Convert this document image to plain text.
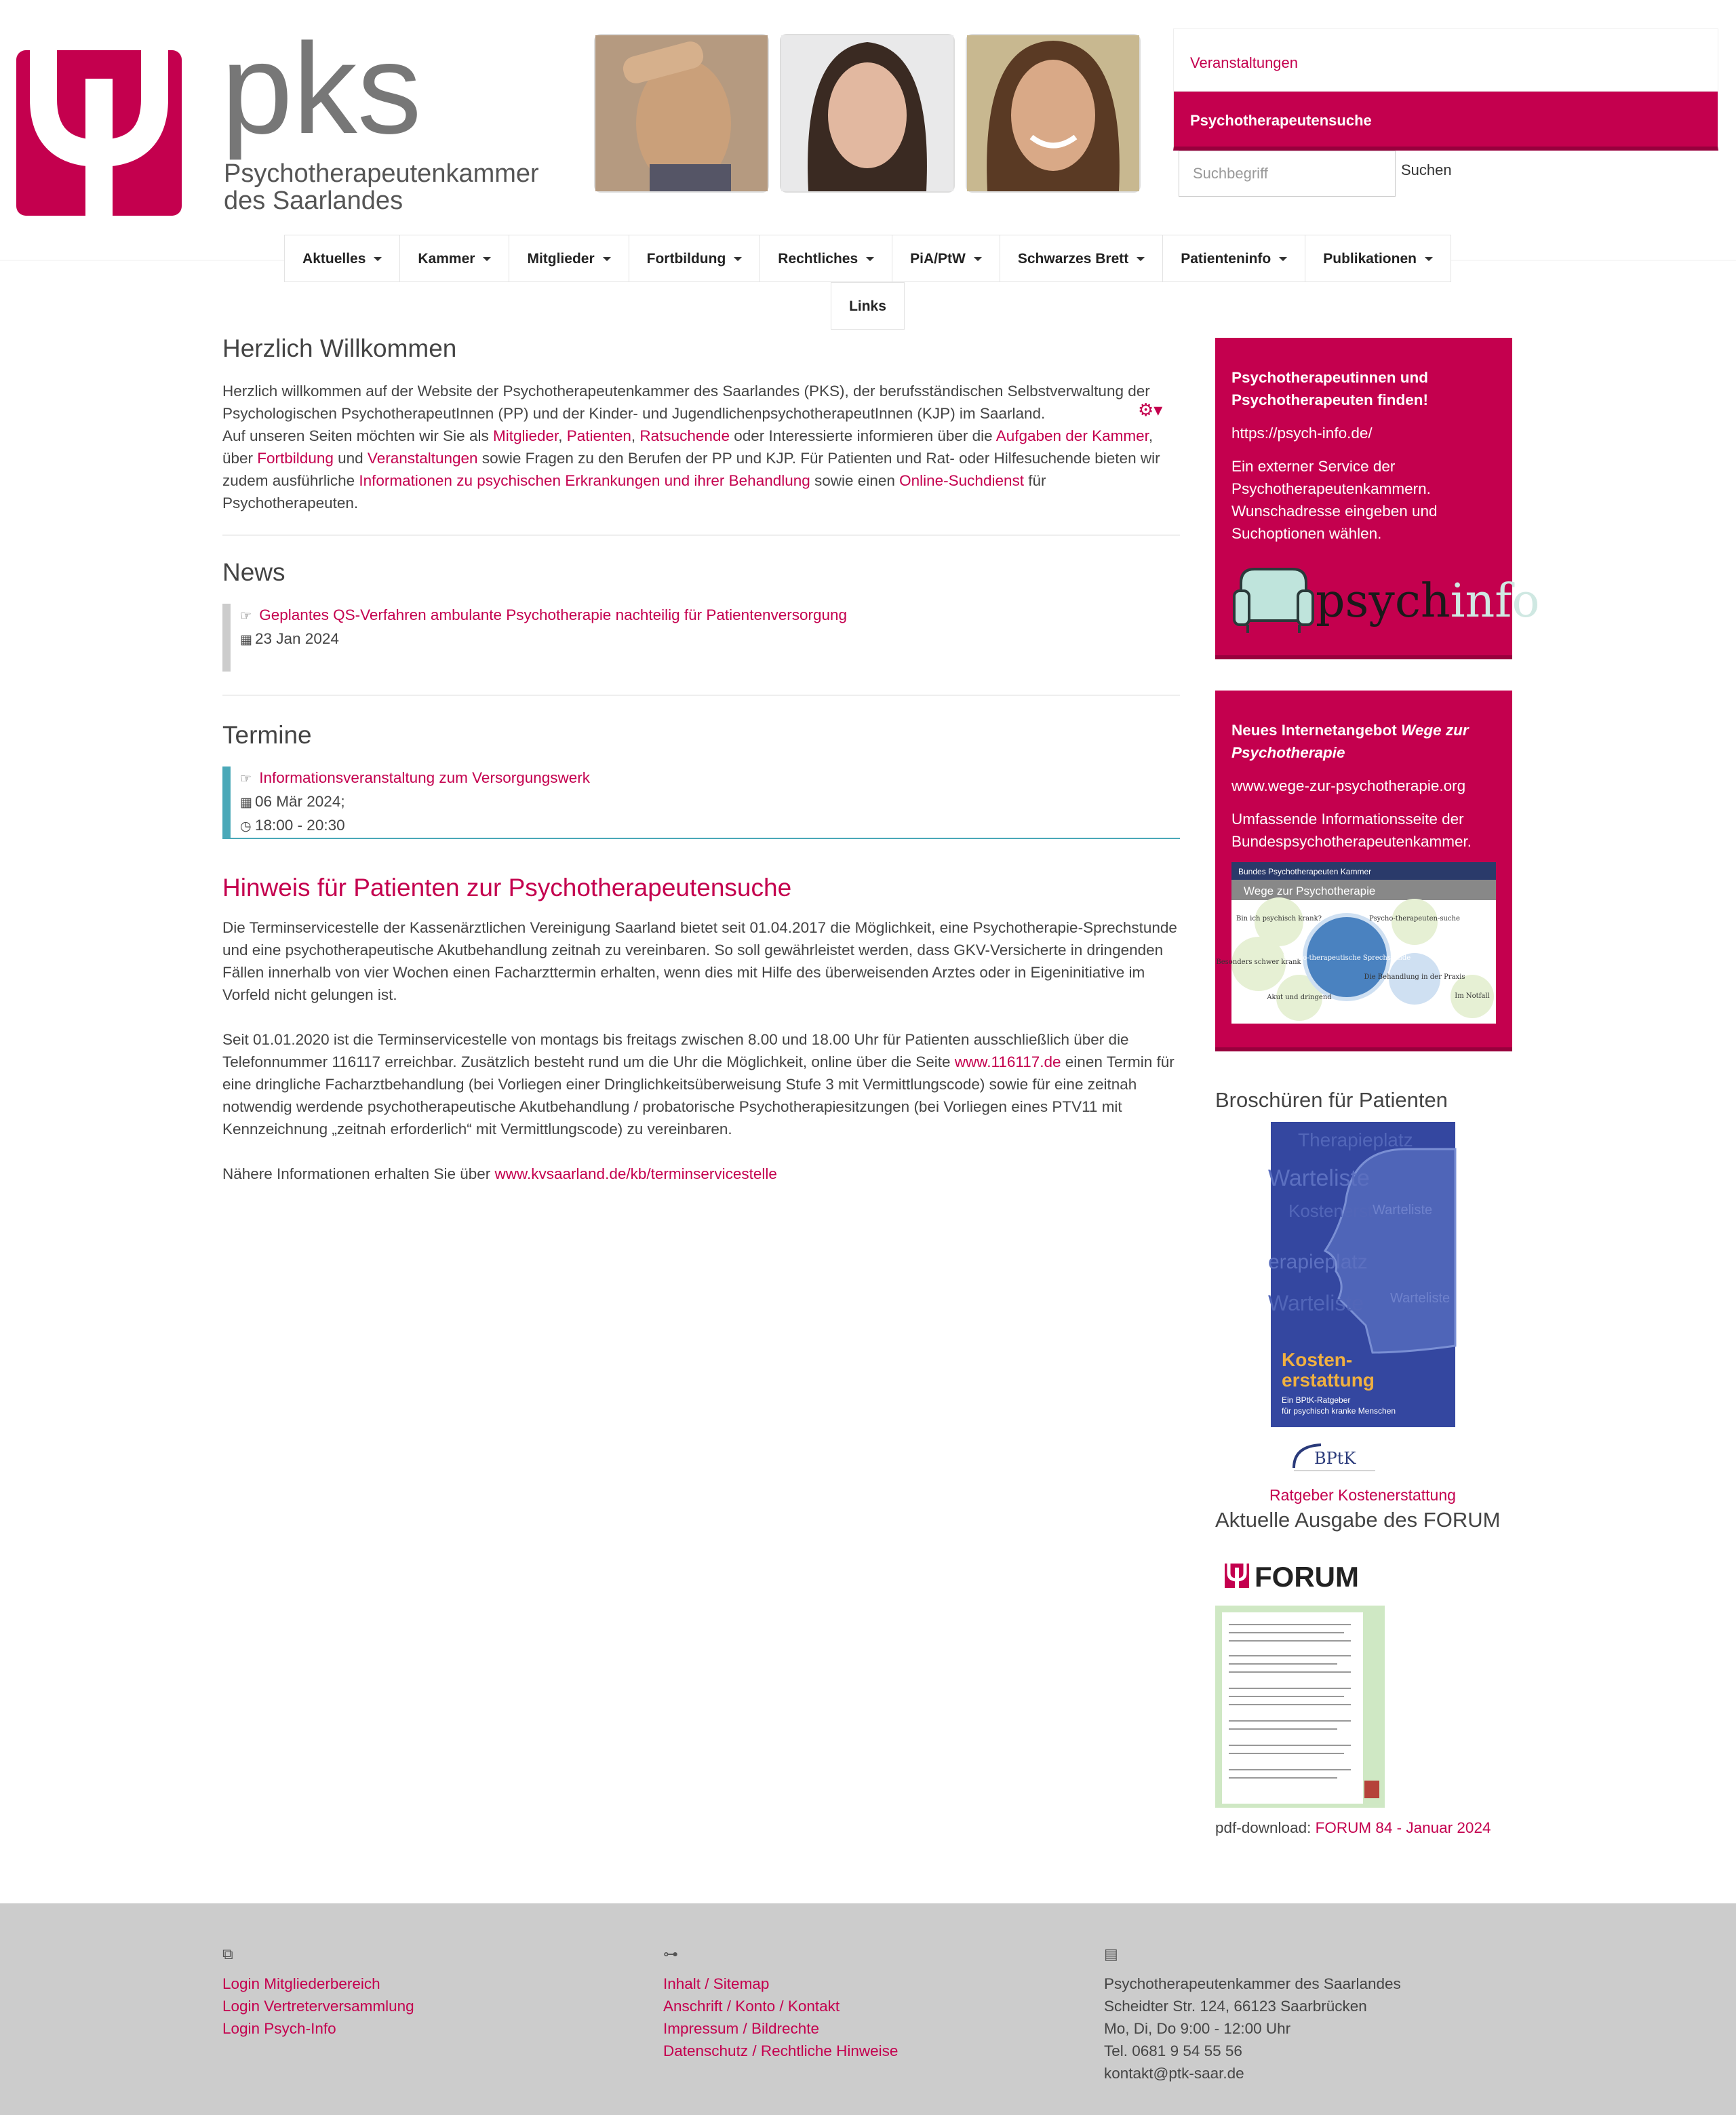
pks
Psychotherapeutenkammer
des Saarlandes
Veranstaltungen
Psychotherapeutensuche
Suchbegriff
Suchen
Aktuelles	Kammer	Mitglieder	Fortbildung	Rechtliches	PiA/PtW	Schwarzes Brett	Patienteninfo	Publikationen
Links
Herzlich Willkommen
⚙▾

Herzlich willkommen auf der Website der Psychotherapeutenkammer des Saarlandes (PKS), der berufsständischen Selbstverwaltung der Psychologischen PsychotherapeutInnen (PP) und der Kinder- und JugendlichenpsychotherapeutInnen (KJP) im Saarland.

Auf unseren Seiten möchten wir Sie als Mitglieder, Patienten, Ratsuchende oder Interessierte informieren über die Aufgaben der Kammer, über Fortbildung und Veranstaltungen sowie Fragen zu den Berufen der PP und KJP. Für Patienten und Rat- oder Hilfesuchende bieten wir zudem ausführliche Informationen zu psychischen Erkrankungen und ihrer Behandlung sowie einen Online-Suchdienst für Psychotherapeuten.

News
☞ Geplantes QS-Verfahren ambulante Psychotherapie nachteilig für Patientenversorgung
▦ 23 Jan 2024
Termine
☞ Informationsveranstaltung zum Versorgungswerk
▦ 06 Mär 2024;
◷ 18:00 - 20:30
Hinweis für Patienten zur Psychotherapeutensuche

Die Terminservicestelle der Kassenärztlichen Vereinigung Saarland bietet seit 01.04.2017 die Möglichkeit, eine Psychotherapie-Sprechstunde und eine psychotherapeutische Akutbehandlung zeitnah zu vereinbaren. So soll gewährleistet werden, dass GKV-Versicherte in dringenden Fällen innerhalb von vier Wochen einen Facharzttermin erhalten, wenn dies mit Hilfe des überweisenden Arztes oder in Eigeninitiative im Vorfeld nicht gelungen ist.

Seit 01.01.2020 ist die Terminservicestelle von montags bis freitags zwischen 8.00 und 18.00 Uhr für Patienten ausschließlich über die Telefonnummer 116117 erreichbar. Zusätzlich besteht rund um die Uhr die Möglichkeit, online über die Seite www.116117.de einen Termin für eine dringliche Facharztbehandlung (bei Vorliegen einer Dringlichkeitsüberweisung Stufe 3 mit Vermittlungscode) sowie für eine zeitnah notwendig werdende psychotherapeutische Akutbehandlung / probatorische Psychotherapiesitzungen (bei Vorliegen eines PTV11 mit Kennzeichnung „zeitnah erforderlich“ mit Vermittlungscode) zu vereinbaren.

Nähere Informationen erhalten Sie über www.kvsaarland.de/kb/terminservicestelle

Psychotherapeutinnen und Psychotherapeuten finden!

https://psych-info.de/

Ein externer Service der Psychotherapeutenkammern. Wunschadresse eingeben und Suchoptionen wählen.

psychinfo

Neues Internetangebot Wege zur Psychotherapie

www.wege-zur-psychotherapie.org

Umfassende Informationsseite der Bundespsychotherapeutenkammer.

Bundes Psychotherapeuten Kammer
Wege zur Psychotherapie
Bin ich psychisch krank?	Psycho-therapeuten-suche
Besonders schwer krank
Psycho-therapeutische Sprechstunde
Die Behandlung in der Praxis
Akut und dringend	Im Notfall
Broschüren für Patienten
Therapieplatz
Warteliste
Kostenerst Warteliste
erapieplatz
Warteliste Warteliste
Kosten-
erstattung
Ein BPtK-Ratgeber
für psychisch kranke Menschen
BPtK
Ratgeber Kostenerstattung
Aktuelle Ausgabe des FORUM
FORUM
pdf-download: FORUM 84 - Januar 2024
⧉
Login Mitgliederbereich
Login Vertreterversammlung
Login Psych-Info
⊶
Inhalt / Sitemap
Anschrift / Konto / Kontakt
Impressum / Bildrechte
Datenschutz / Rechtliche Hinweise
▤
Psychotherapeutenkammer des Saarlandes
Scheidter Str. 124, 66123 Saarbrücken
Mo, Di, Do 9:00 - 12:00 Uhr
Tel. 0681 9 54 55 56
kontakt@ptk-saar.de
